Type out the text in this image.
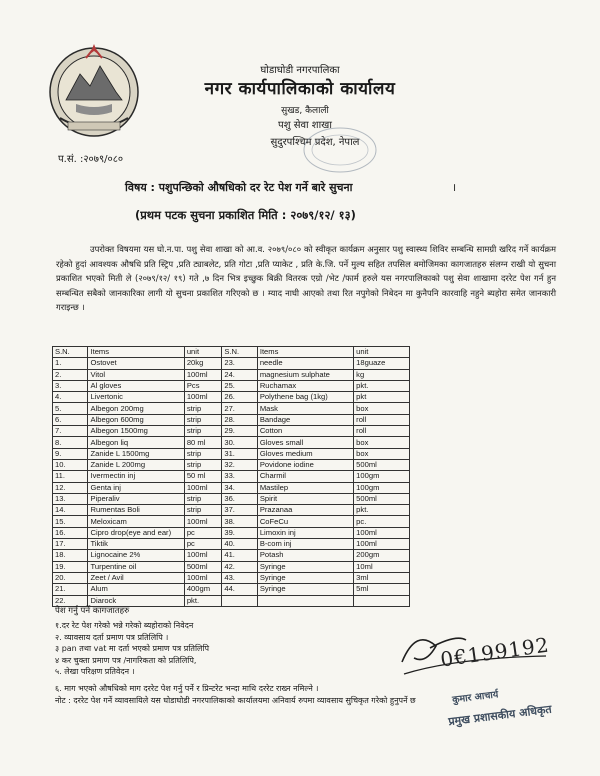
घोडाघोडी नगरपालिका
नगर कार्यपालिकाको कार्यालय
सुखड, कैलाली
पशु सेवा शाखा
सुदुरपश्चिम प्रदेश, नेपाल
प.सं. :२०७९/०८०
विषय : पशुपन्छिको औषधिको दर रेट पेश गर्ने बारे सुचना	।
(प्रथम पटक सुचना प्रकाशित मिति : २०७९/१२/ १३)
उपरोक्त विषयमा यस घो.न.पा. पशु सेवा शाखा को आ.व. २०७९/०८० को स्वीकृत कार्यक्रम अनुसार पशु स्वास्थ्य शिविर सम्बन्धि सामग्री खरिद गर्ने कार्यक्रम रहेको हुदां आवश्यक औषधि प्रति स्ट्रिप ,प्रति ट्याबलेट, प्रति गोटा ,प्रति प्याकेट , प्रति के.जि. पर्ने मुल्य सहित तपसिल बमोजिमका कागजातहरु संलग्न राखी यो सुचना प्रकाशित भएको मिती ले (२०७९/१२/ १९) गते ,७ दिन भित्र इच्छुक बिक्री वितरक एग्रो /भेट /फार्म हरुले यस नगरपालिकाको पशु सेवा शाखामा दररेट पेश गर्न हुन सम्बन्धित सबैको जानकारिका लागी यो सुचना प्रकाशित गरिएको छ । म्याद नाघी आएको तथा रित नपुगेको निबेदन मा कुनैपनि कारवाहि नहुने ब्यहोरा समेत जानकारी गराइन्छ ।
S.N.	Items	unit	S.N.	Items	unit
1.	Ostovet	20kg	23.	needle	18guaze
2.	Vitol	100ml	24.	magnesium sulphate	kg
3.	Al gloves	Pcs	25.	Ruchamax	pkt.
4.	Livertonic	100ml	26.	Polythene bag (1kg)	pkt
5.	Albegon 200mg	strip	27.	Mask	box
6.	Albegon 600mg	strip	28.	Bandage	roll
7.	Albegon 1500mg	strip	29.	Cotton	roll
8.	Albegon liq	80 ml	30.	Gloves small	box
9.	Zanide L 1500mg	strip	31.	Gloves medium	box
10.	Zanide L 200mg	strip	32.	Povidone iodine	500ml
11.	Ivermectin inj	50 ml	33.	Charmil	100gm
12.	Genta inj	100ml	34.	Mastilep	100gm
13.	Piperaliv	strip	36.	Spirit	500ml
14.	Rumentas Boli	strip	37.	Prazanaa	pkt.
15.	Meloxicam	100ml	38.	CoFeCu	pc.
16.	Cipro drop(eye and ear)	pc	39.	Limoxin inj	100ml
17.	Tiktik	pc	40.	B-com inj	100ml
18.	Lignocaine 2%	100ml	41.	Potash	200gm
19.	Turpentine oil	500ml	42.	Syringe	10ml
20.	Zeet / Avil	100ml	43.	Syringe	3ml
21.	Alum	400gm	44.	Syringe	5ml
22.	Diarock	pkt.			
पेश गर्नु पर्ने कागजातहरु
१.दर रेट पेश गरेको भन्ने गरेको ब्यहोराको निवेदन
२. व्यावसाय दर्ता प्रमाण पत्र प्रतिलिपि ।
३ pan तथा vat मा दर्ता भएको प्रमाण पत्र प्रतिलिपि
४ कर चुक्ता प्रमाण पत्र /नागरिकता को प्रतिलिपि,
५. लेखा परिक्षण प्रतिवेदन ।
६. माग भएको औषधिको माग दररेट पेश गर्नु पर्ने र प्रिन्टरेट भन्दा माथि दररेट राख्न नमिल्ने ।
नोट : दररेट पेश गर्ने व्यावसायिले यस घोडाघोडी नगरपालिकाको कार्यालयमा अनिवार्य रुपमा व्यावसाय सुचिकृत गरेको हुनुपर्ने छ
0€199192
कुमार आचार्य
प्रमुख प्रशासकीय अधिकृत
